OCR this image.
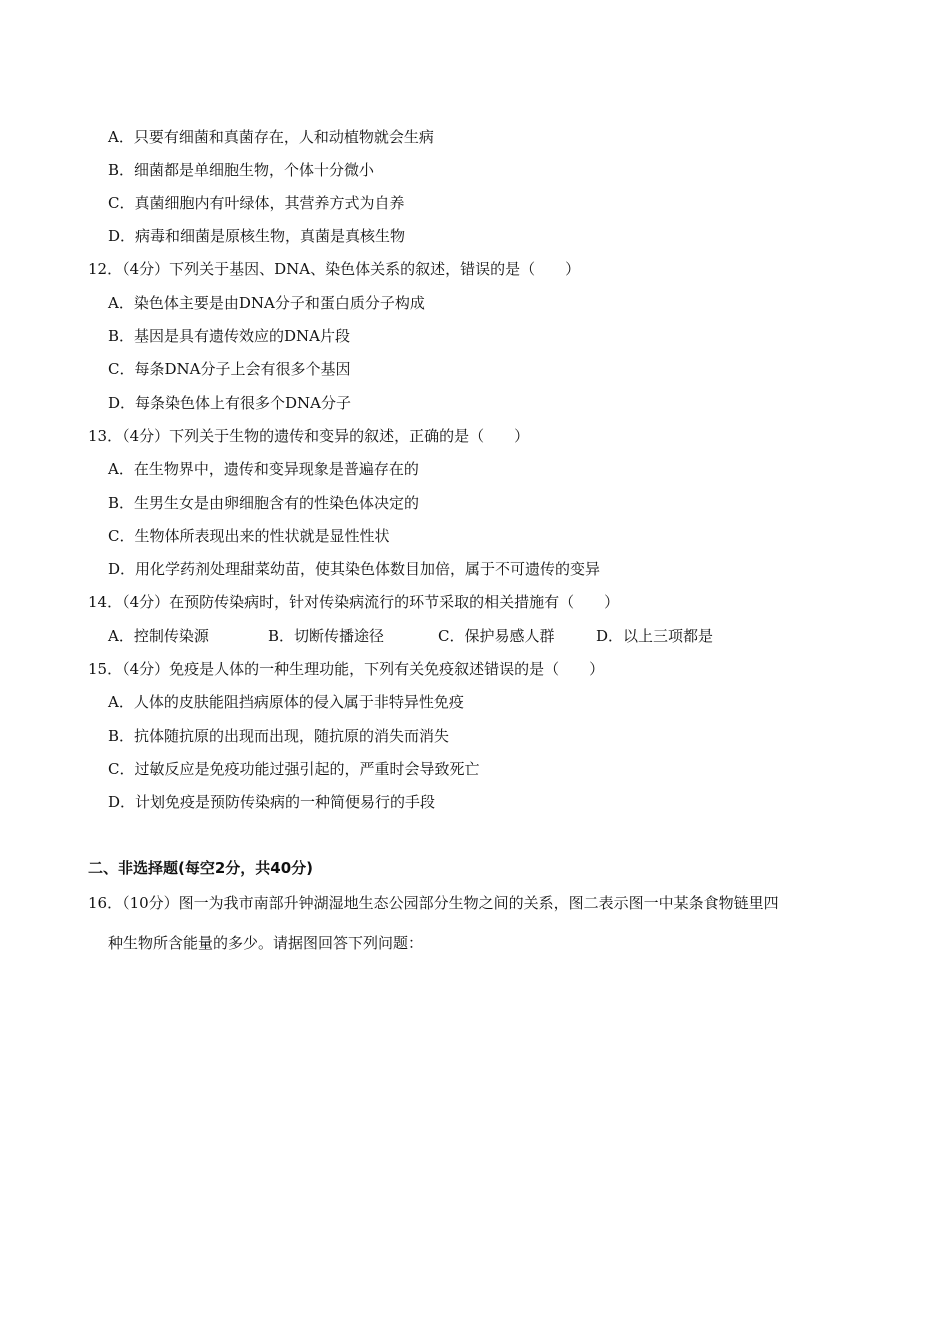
A．只要有细菌和真菌存在，人和动植物就会生病
B．细菌都是单细胞生物，个体十分微小
C．真菌细胞内有叶绿体，其营养方式为自养
D．病毒和细菌是原核生物，真菌是真核生物
12．（4分）下列关于基因、DNA、染色体关系的叙述，错误的是（　　）
A．染色体主要是由DNA分子和蛋白质分子构成
B．基因是具有遗传效应的DNA片段
C．每条DNA分子上会有很多个基因
D．每条染色体上有很多个DNA分子
13．（4分）下列关于生物的遗传和变异的叙述，正确的是（　　）
A．在生物界中，遗传和变异现象是普遍存在的
B．生男生女是由卵细胞含有的性染色体决定的
C．生物体所表现出来的性状就是显性性状
D．用化学药剂处理甜菜幼苗，使其染色体数目加倍，属于不可遗传的变异
14．（4分）在预防传染病时，针对传染病流行的环节采取的相关措施有（　　）
A．控制传染源	B．切断传播途径	C．保护易感人群	D．以上三项都是
15．（4分）免疫是人体的一种生理功能，下列有关免疫叙述错误的是（　　）
A．人体的皮肤能阻挡病原体的侵入属于非特异性免疫
B．抗体随抗原的出现而出现，随抗原的消失而消失
C．过敏反应是免疫功能过强引起的，严重时会导致死亡
D．计划免疫是预防传染病的一种简便易行的手段
二、非选择题(每空2分，共40分)
16．（10分）图一为我市南部升钟湖湿地生态公园部分生物之间的关系，图二表示图一中某条食物链里四
种生物所含能量的多少。请据图回答下列问题：
